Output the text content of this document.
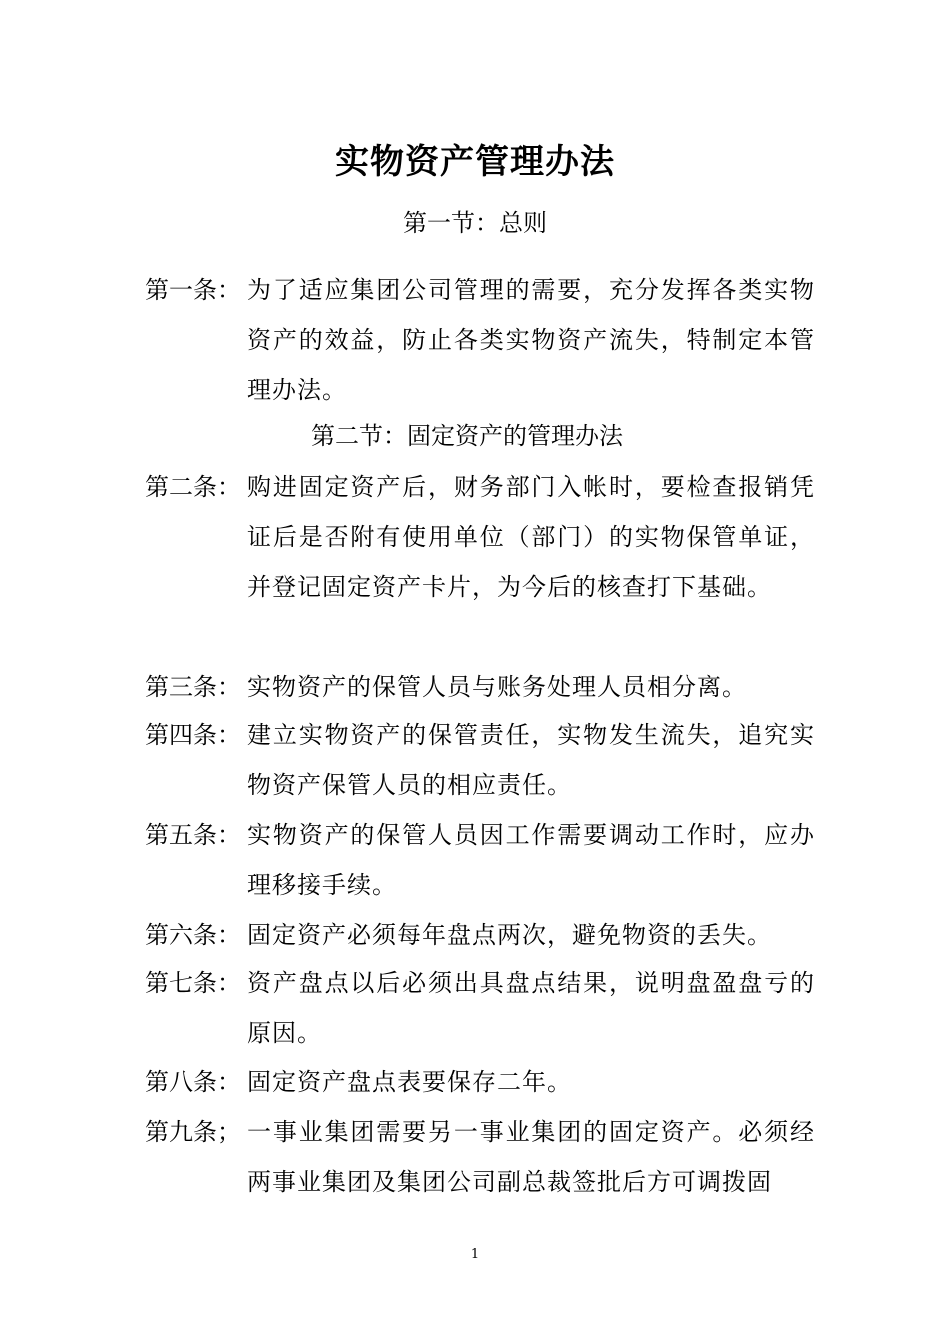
实物资产管理办法
第一节：总则
第一条： 为了适应集团公司管理的需要，充分发挥各类实物资产的效益，防止各类实物资产流失，特制定本管理办法。
第二节：固定资产的管理办法
第二条： 购进固定资产后，财务部门入帐时，要检查报销凭证后是否附有使用单位（部门）的实物保管单证，并登记固定资产卡片，为今后的核查打下基础。
第三条： 实物资产的保管人员与账务处理人员相分离。
第四条： 建立实物资产的保管责任，实物发生流失，追究实物资产保管人员的相应责任。
第五条： 实物资产的保管人员因工作需要调动工作时，应办理移接手续。
第六条： 固定资产必须每年盘点两次，避免物资的丢失。
第七条： 资产盘点以后必须出具盘点结果，说明盘盈盘亏的原因。
第八条： 固定资产盘点表要保存二年。
第九条； 一事业集团需要另一事业集团的固定资产。必须经两事业集团及集团公司副总裁签批后方可调拨固
1
